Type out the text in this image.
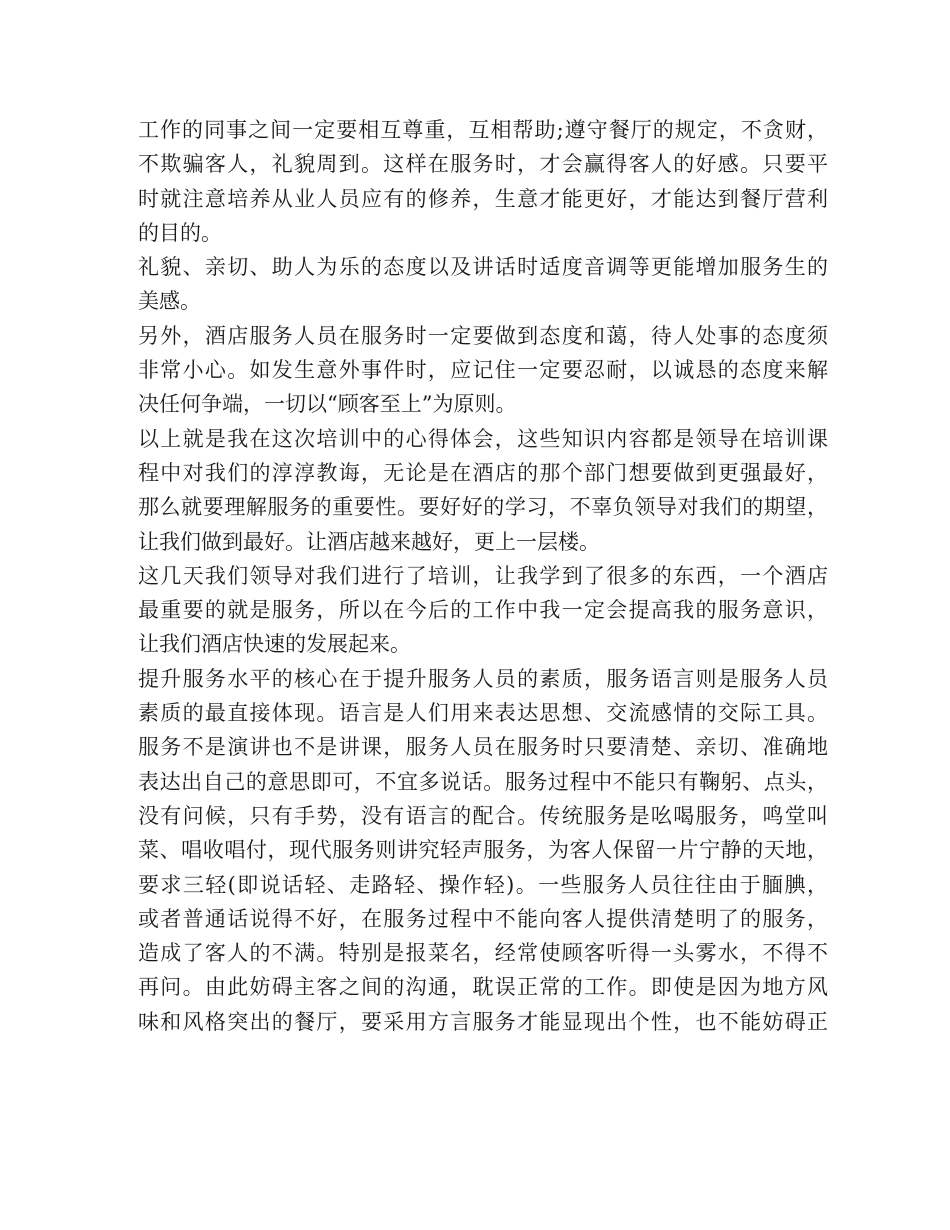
工作的同事之间一定要相互尊重，互相帮助;遵守餐厅的规定，不贪财，
不欺骗客人，礼貌周到。这样在服务时，才会赢得客人的好感。只要平
时就注意培养从业人员应有的修养，生意才能更好，才能达到餐厅营利
的目的。
礼貌、亲切、助人为乐的态度以及讲话时适度音调等更能增加服务生的
美感。
另外，酒店服务人员在服务时一定要做到态度和蔼，待人处事的态度须
非常小心。如发生意外事件时，应记住一定要忍耐，以诚恳的态度来解
决任何争端，一切以“顾客至上”为原则。
以上就是我在这次培训中的心得体会，这些知识内容都是领导在培训课
程中对我们的淳淳教诲，无论是在酒店的那个部门想要做到更强最好，
那么就要理解服务的重要性。要好好的学习，不辜负领导对我们的期望，
让我们做到最好。让酒店越来越好，更上一层楼。
这几天我们领导对我们进行了培训，让我学到了很多的东西，一个酒店
最重要的就是服务，所以在今后的工作中我一定会提高我的服务意识，
让我们酒店快速的发展起来。
提升服务水平的核心在于提升服务人员的素质，服务语言则是服务人员
素质的最直接体现。语言是人们用来表达思想、交流感情的交际工具。
服务不是演讲也不是讲课，服务人员在服务时只要清楚、亲切、准确地
表达出自己的意思即可，不宜多说话。服务过程中不能只有鞠躬、点头，
没有问候，只有手势，没有语言的配合。传统服务是吆喝服务，鸣堂叫
菜、唱收唱付，现代服务则讲究轻声服务，为客人保留一片宁静的天地，
要求三轻(即说话轻、走路轻、操作轻)。一些服务人员往往由于腼腆，
或者普通话说得不好，在服务过程中不能向客人提供清楚明了的服务，
造成了客人的不满。特别是报菜名，经常使顾客听得一头雾水，不得不
再问。由此妨碍主客之间的沟通，耽误正常的工作。即使是因为地方风
味和风格突出的餐厅，要采用方言服务才能显现出个性，也不能妨碍正
